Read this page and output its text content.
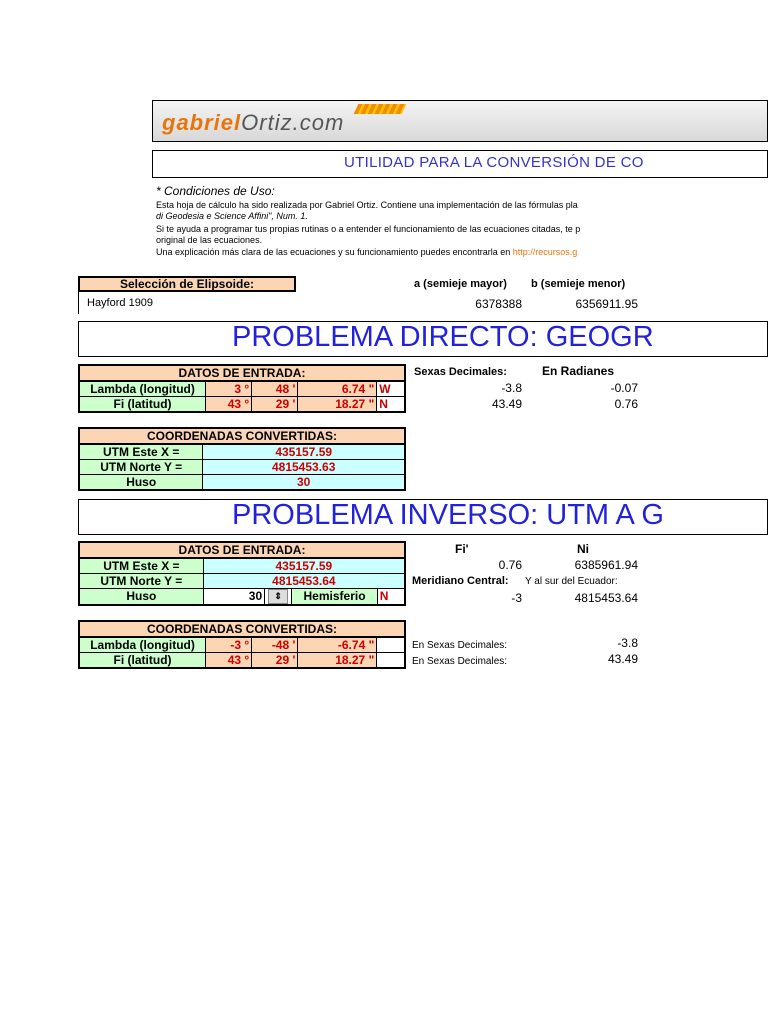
gabrielOrtiz.com
UTILIDAD PARA LA CONVERSIÓN DE CO
* Condiciones de Uso:
Esta hoja de cálculo ha sido realizada por Gabriel Ortiz. Contiene una implementación de las fórmulas pla
di Geodesia e Science Affini", Num. 1.
Si te ayuda a programar tus propias rutinas o a entender el funcionamiento de las ecuaciones citadas, te p
original de las ecuaciones.
Una explicación más clara de las ecuaciones y su funcionamiento puedes encontrarla en http://recursos.g
Selección de Elipsoide:
Hayford 1909
a (semieje mayor) b (semieje menor)
6378388	6356911.95
PROBLEMA DIRECTO: GEOGR
DATOS DE ENTRADA:				
Lambda (longitud)	3 °	48 '	6.74 "	W
Fi (latitud)	43 °	29 '	18.27 "	N
Sexas Decimales:	En Radianes
-3.8	-0.07
43.49	0.76
COORDENADAS CONVERTIDAS:	
UTM Este X =	435157.59
UTM Norte Y =	4815453.63
Huso	30
PROBLEMA INVERSO: UTM A G
DATOS DE ENTRADA:				
UTM Este X =	435157.59			
UTM Norte Y =	4815453.64			
Huso	30	⇕	Hemisferio	N
Fi'	Ni
0.76	6385961.94
Meridiano Central: Y al sur del Ecuador:
-3	4815453.64
COORDENADAS CONVERTIDAS:				
Lambda (longitud)	-3 °	-48 '	-6.74 "	
Fi (latitud)	43 °	29 '	18.27 "	
En Sexas Decimales:	-3.8
En Sexas Decimales:	43.49
